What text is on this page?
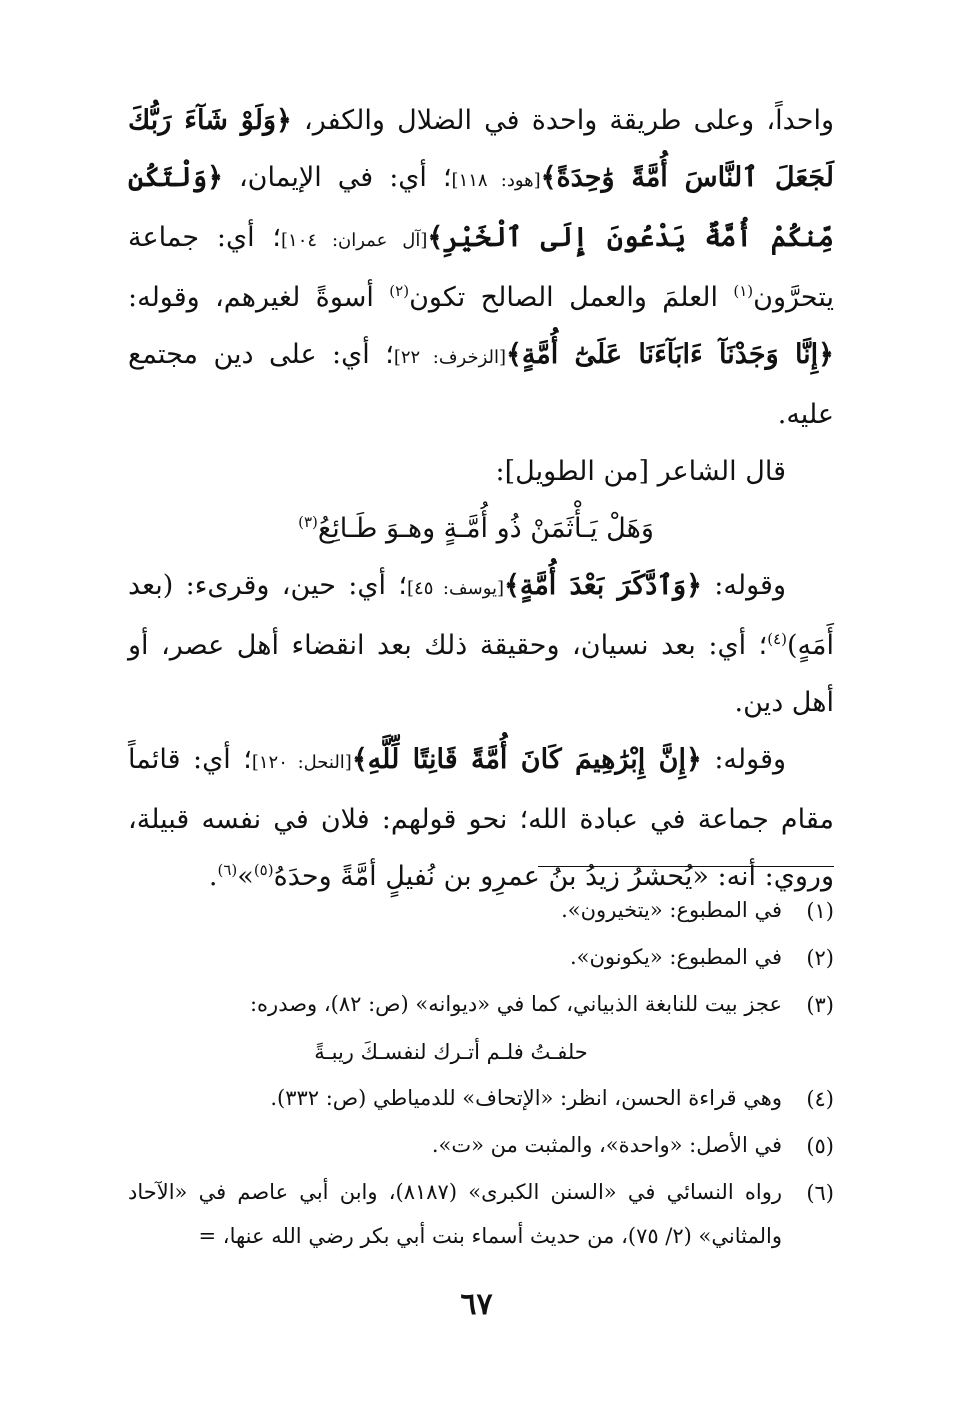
واحداً، وعلى طريقة واحدة في الضلال والكفر، ﴿وَلَوْ شَآءَ رَبُّكَ لَجَعَلَ ٱلنَّاسَ أُمَّةً وَٰحِدَةً﴾[هود: ١١٨]؛ أي: في الإيمان، ﴿وَلْتَكُن مِّنكُمْ أُمَّةٌ يَدْعُونَ إِلَى ٱلْخَيْرِ﴾[آل عمران: ١٠٤]؛ أي: جماعة يتحرَّون$^{(١)}$ العلمَ والعمل الصالح تكون$^{(٢)}$ أسوةً لغيرهم، وقوله: ﴿إِنَّا وَجَدْنَآ ءَابَآءَنَا عَلَىٰٓ أُمَّةٍ﴾[الزخرف: ٢٢]؛ أي: على دين مجتمع عليه.

قال الشاعر [من الطويل]:

وَهَلْ يَـأْثَمَنْ ذُو أُمَّـةٍ وهـوَ طَـائِعُ$^{(٣)}$

وقوله: ﴿وَٱدَّكَرَ بَعْدَ أُمَّةٍ﴾[يوسف: ٤٥]؛ أي: حين، وقرىء: (بعد أَمَهٍ)$^{(٤)}$؛ أي: بعد نسيان، وحقيقة ذلك بعد انقضاء أهل عصر، أو أهل دين.

وقوله: ﴿إِنَّ إِبْرَٰهِيمَ كَانَ أُمَّةً قَانِتًا لِّلَّهِ﴾[النحل: ١٢٠]؛ أي: قائماً مقام جماعة في عبادة الله؛ نحو قولهم: فلان في نفسه قبيلة، وروي: أنه: «يُحشرُ زيدُ بنُ عمرِو بن نُفيلٍ أمَّةً وحدَهُ$^{(٥)}$»$^{(٦)}$.

(١)
في المطبوع: «يتخيرون».
(٢)
في المطبوع: «يكونون».
(٣)
عجز بيت للنابغة الذبياني، كما في «ديوانه» (ص: ٨٢)، وصدره:
حلفـتُ فلـم أتـرك لنفسـكَ ريبـةً
(٤)
وهي قراءة الحسن، انظر: «الإتحاف» للدمياطي (ص: ٣٣٢).
(٥)
في الأصل: «واحدة»، والمثبت من «ت».
(٦)
رواه النسائي في «السنن الكبرى» (٨١٨٧)، وابن أبي عاصم في «الآحاد والمثاني» (٢/ ٧٥)، من حديث أسماء بنت أبي بكر رضي الله عنها، =
٦٧
